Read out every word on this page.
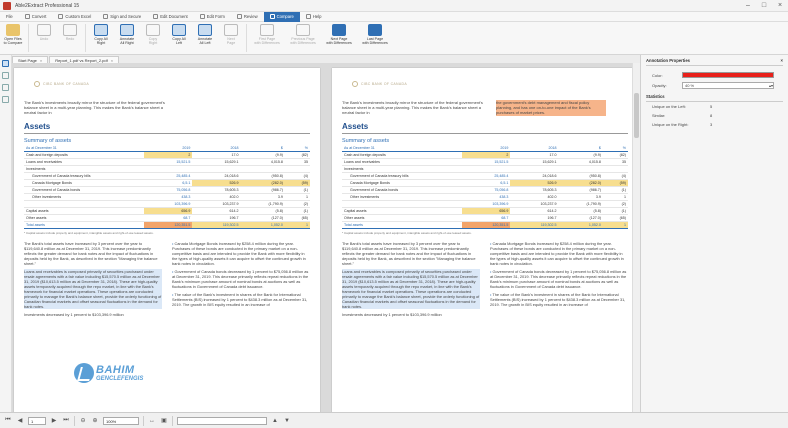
Able2Extract Professional 15	–	□	×
File	Convert	Custom Excel	Sign and Secure	Edit Document	Edit Form	Review	Compare	Help
Open Files
to Compare
Undo	Redo	Copy All
Right
Annotate
All Right
Copy
Right
Copy All
Left
Annotate
All Left
Next
Page
First Page
with Differences
Previous Page
with Differences
Next Page
with Differences
Last Page
with Differences
Start Page ×	Report_1.pdf vs Report_2.pdf ×
CIBC BANK OF CANADA
The Bank's investments broadly mirror the structure of the federal government's balance sheet in a multi-year planning. This makes the Bank's balance sheet a neutral factor in
Assets
Summary of assets
As at December 31	2019	2018	$	%
Cash and foreign deposits	2	17.0	(9.9)	(82)
Loans and receivables	15,521.5	15,629.1	4,015.8	35
Investments				
Government of Canada treasury bills	25,485.4	24,018.6	(950.8)	(4)
Canada Mortgage Bonds	6,5.1	526.9	(282.0)	(59)
Government of Canada bonds	75,056.8	78,605.3	(986.7)	(1)
Other investments	438.3	402.0	3.9	1
	103,396.9	103,237.9	(1,790.9)	(2)
Capital assets	656.9	614.2	(5.8)	(1)
Other assets	68.7	196.7	(127.0)	(65)
Total assets	120,351.5	119,302.5	1,052.0	1
* Capital assets include property and equipment, intangible assets and right-of-use leased assets.

The Bank's total assets have increased by 3 percent over the year to $119,640.8 million as at December 31, 2019. This increase predominantly reflects the greater demand for bank notes and the impact of fluctuations in deposits held by the Bank, as described in the section "Managing the balance sheet."

Loans and receivables is composed primarily of securities purchased under resale agreements with a fair value including $15,570.5 million as at December 31, 2019 ($10,613.5 million as at December 31, 2018). These are high-quality assets temporarily acquired through the repo market, in line with the Bank's framework for financial market operations. These operations are conducted primarily to manage the Bank's balance sheet, provide the orderly functioning of Canadian financial markets and offset seasonal fluctuations in the demand for bank notes.

Investments decreased by 1 percent to $103,396.9 million

• Canada Mortgage Bonds increased by $258.4 million during the year. Purchases of these bonds are conducted in the primary market on a non-competitive basis and are intended to provide the Bank with more flexibility in the types of high-quality assets it can acquire to offset the continued growth in bank notes in circulation.

• Government of Canada bonds decreased by 1 percent to $75,056.8 million as at December 31, 2019. This decrease primarily reflects repeat reductions in the Bank's minimum purchase amount of nominal bonds at auctions as well as fluctuations in Government of Canada debt issuance.

• The value of the Bank's investment in shares of the Bank for International Settlements (BIS) increased by 1 percent to $438.3 million as at December 31, 2019. The growth in BIS equity resulted in an increase of

BAHIM
GENCLEFENGIS
CIBC BANK OF CANADA
The Bank's investments broadly mirror the structure of the federal government's balance sheet in a multi-year planning. This makes the Bank's balance sheet a neutral factor in
the government's debt management and fiscal policy planning, and has one on-to-one impact of the Bank's purchases of market prices.
Assets
Summary of assets
As at December 31	2019	2018	$	%
Cash and foreign deposits	2	17.0	(9.9)	(82)
Loans and receivables	15,521.5	15,629.1	4,015.8	35
Investments				
Government of Canada treasury bills	25,485.4	24,018.6	(950.8)	(4)
Canada Mortgage Bonds	6,5.1	526.9	(282.0)	(59)
Government of Canada bonds	75,056.8	78,605.3	(986.7)	(1)
Other investments	438.3	402.0	3.9	1
	103,396.9	103,237.9	(1,790.9)	(2)
Capital assets	656.9	614.2	(5.8)	(1)
Other assets	68.7	196.7	(127.0)	(65)
Total assets	120,351.5	119,302.5	1,052.0	1
* Capital assets include property and equipment, intangible assets and right-of-use leased assets.

The Bank's total assets have increased by 3 percent over the year to $119,640.8 million as at December 31, 2019. This increase predominantly reflects the greater demand for bank notes and the impact of fluctuations in deposits held by the Bank, as described in the section "Managing the balance sheet."

Loans and receivables is composed primarily of securities purchased under resale agreements with a fair value including $15,570.5 million as at December 31, 2019 ($10,613.5 million as at December 31, 2018). These are high-quality assets temporarily acquired through the repo market, in line with the Bank's framework for financial market operations. These operations are conducted primarily to manage the Bank's balance sheet, provide the orderly functioning of Canadian financial markets and offset seasonal fluctuations in the demand for bank notes.

Investments decreased by 1 percent to $103,396.9 million

• Canada Mortgage Bonds increased by $258.4 million during the year. Purchases of these bonds are conducted in the primary market on a non-competitive basis and are intended to provide the Bank with more flexibility in the types of high-quality assets it can acquire to offset the continued growth in bank notes in circulation.

• Government of Canada bonds decreased by 1 percent to $75,056.8 million as at December 31, 2019. This decrease primarily reflects repeat reductions in the Bank's minimum purchase amount of nominal bonds at auctions as well as fluctuations in Government of Canada debt issuance.

• The value of the Bank's investment in shares of the Bank for International Settlements (BIS) increased by 1 percent to $438.3 million as at December 31, 2019. The growth in BIS equity resulted in an increase of

Annotation Properties	×
Color:
Opacity:	40 %	▴▾
Statistics
Unique on the Left:	5
Similar:	8
Unique on the Right:	3
⏮ ◀	1	▶ ⏭ ⊖ ⊕	100%	↔ ▣	▲ ▼
